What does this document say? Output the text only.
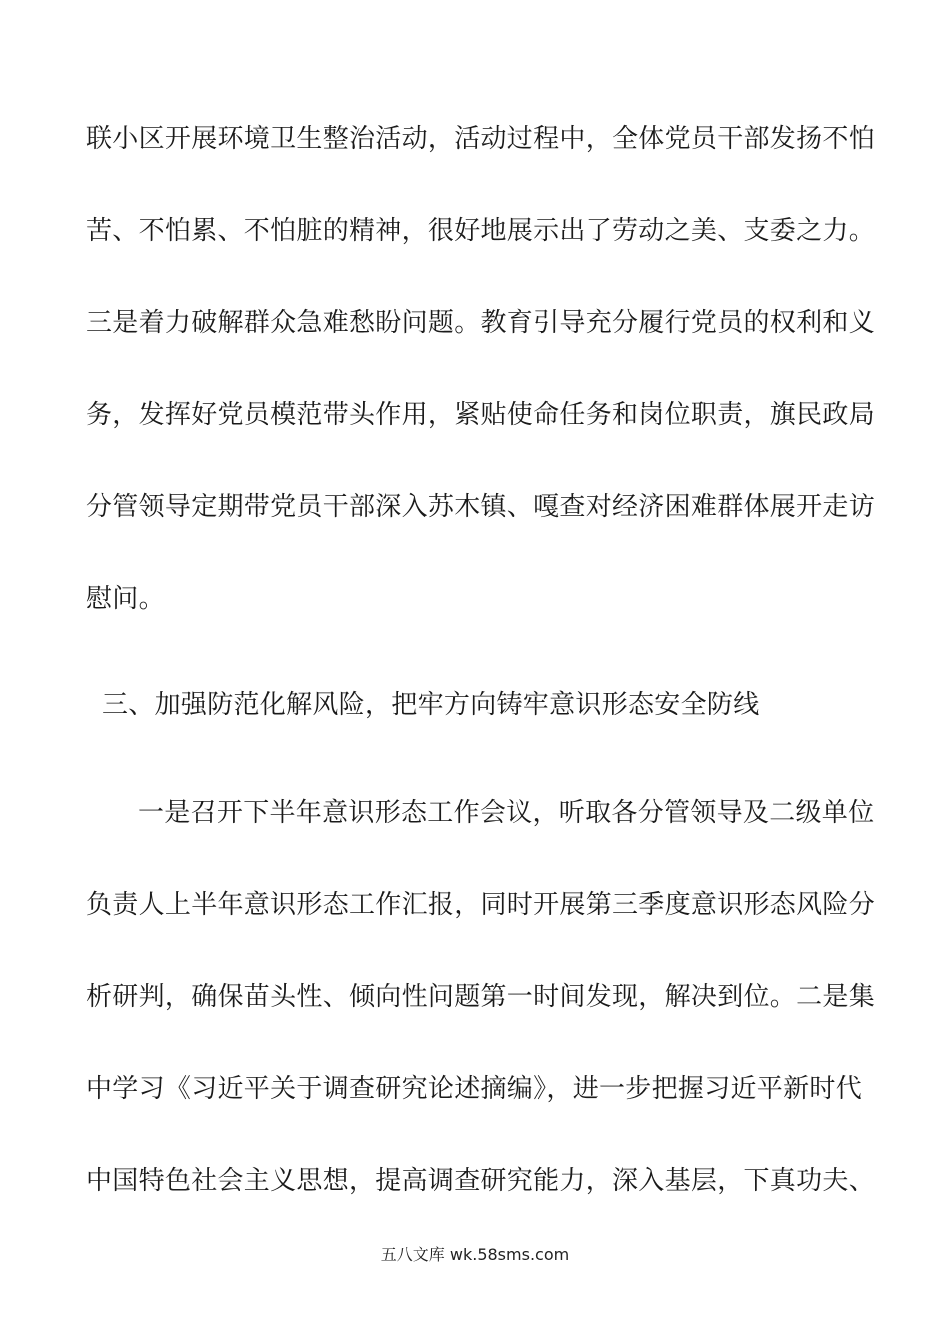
联小区开展环境卫生整治活动，活动过程中，全体党员干部发扬不怕
苦、不怕累、不怕脏的精神，很好地展示出了劳动之美、支委之力。
三是着力破解群众急难愁盼问题。教育引导充分履行党员的权利和义
务，发挥好党员模范带头作用，紧贴使命任务和岗位职责，旗民政局
分管领导定期带党员干部深入苏木镇、嘎查对经济困难群体展开走访
慰问。
三、加强防范化解风险，把牢方向铸牢意识形态安全防线
一是召开下半年意识形态工作会议，听取各分管领导及二级单位
负责人上半年意识形态工作汇报，同时开展第三季度意识形态风险分
析研判，确保苗头性、倾向性问题第一时间发现，解决到位。二是集
中学习《习近平关于调查研究论述摘编》，进一步把握习近平新时代
中国特色社会主义思想，提高调查研究能力，深入基层，下真功夫、
五八文库 wk.58sms.com
